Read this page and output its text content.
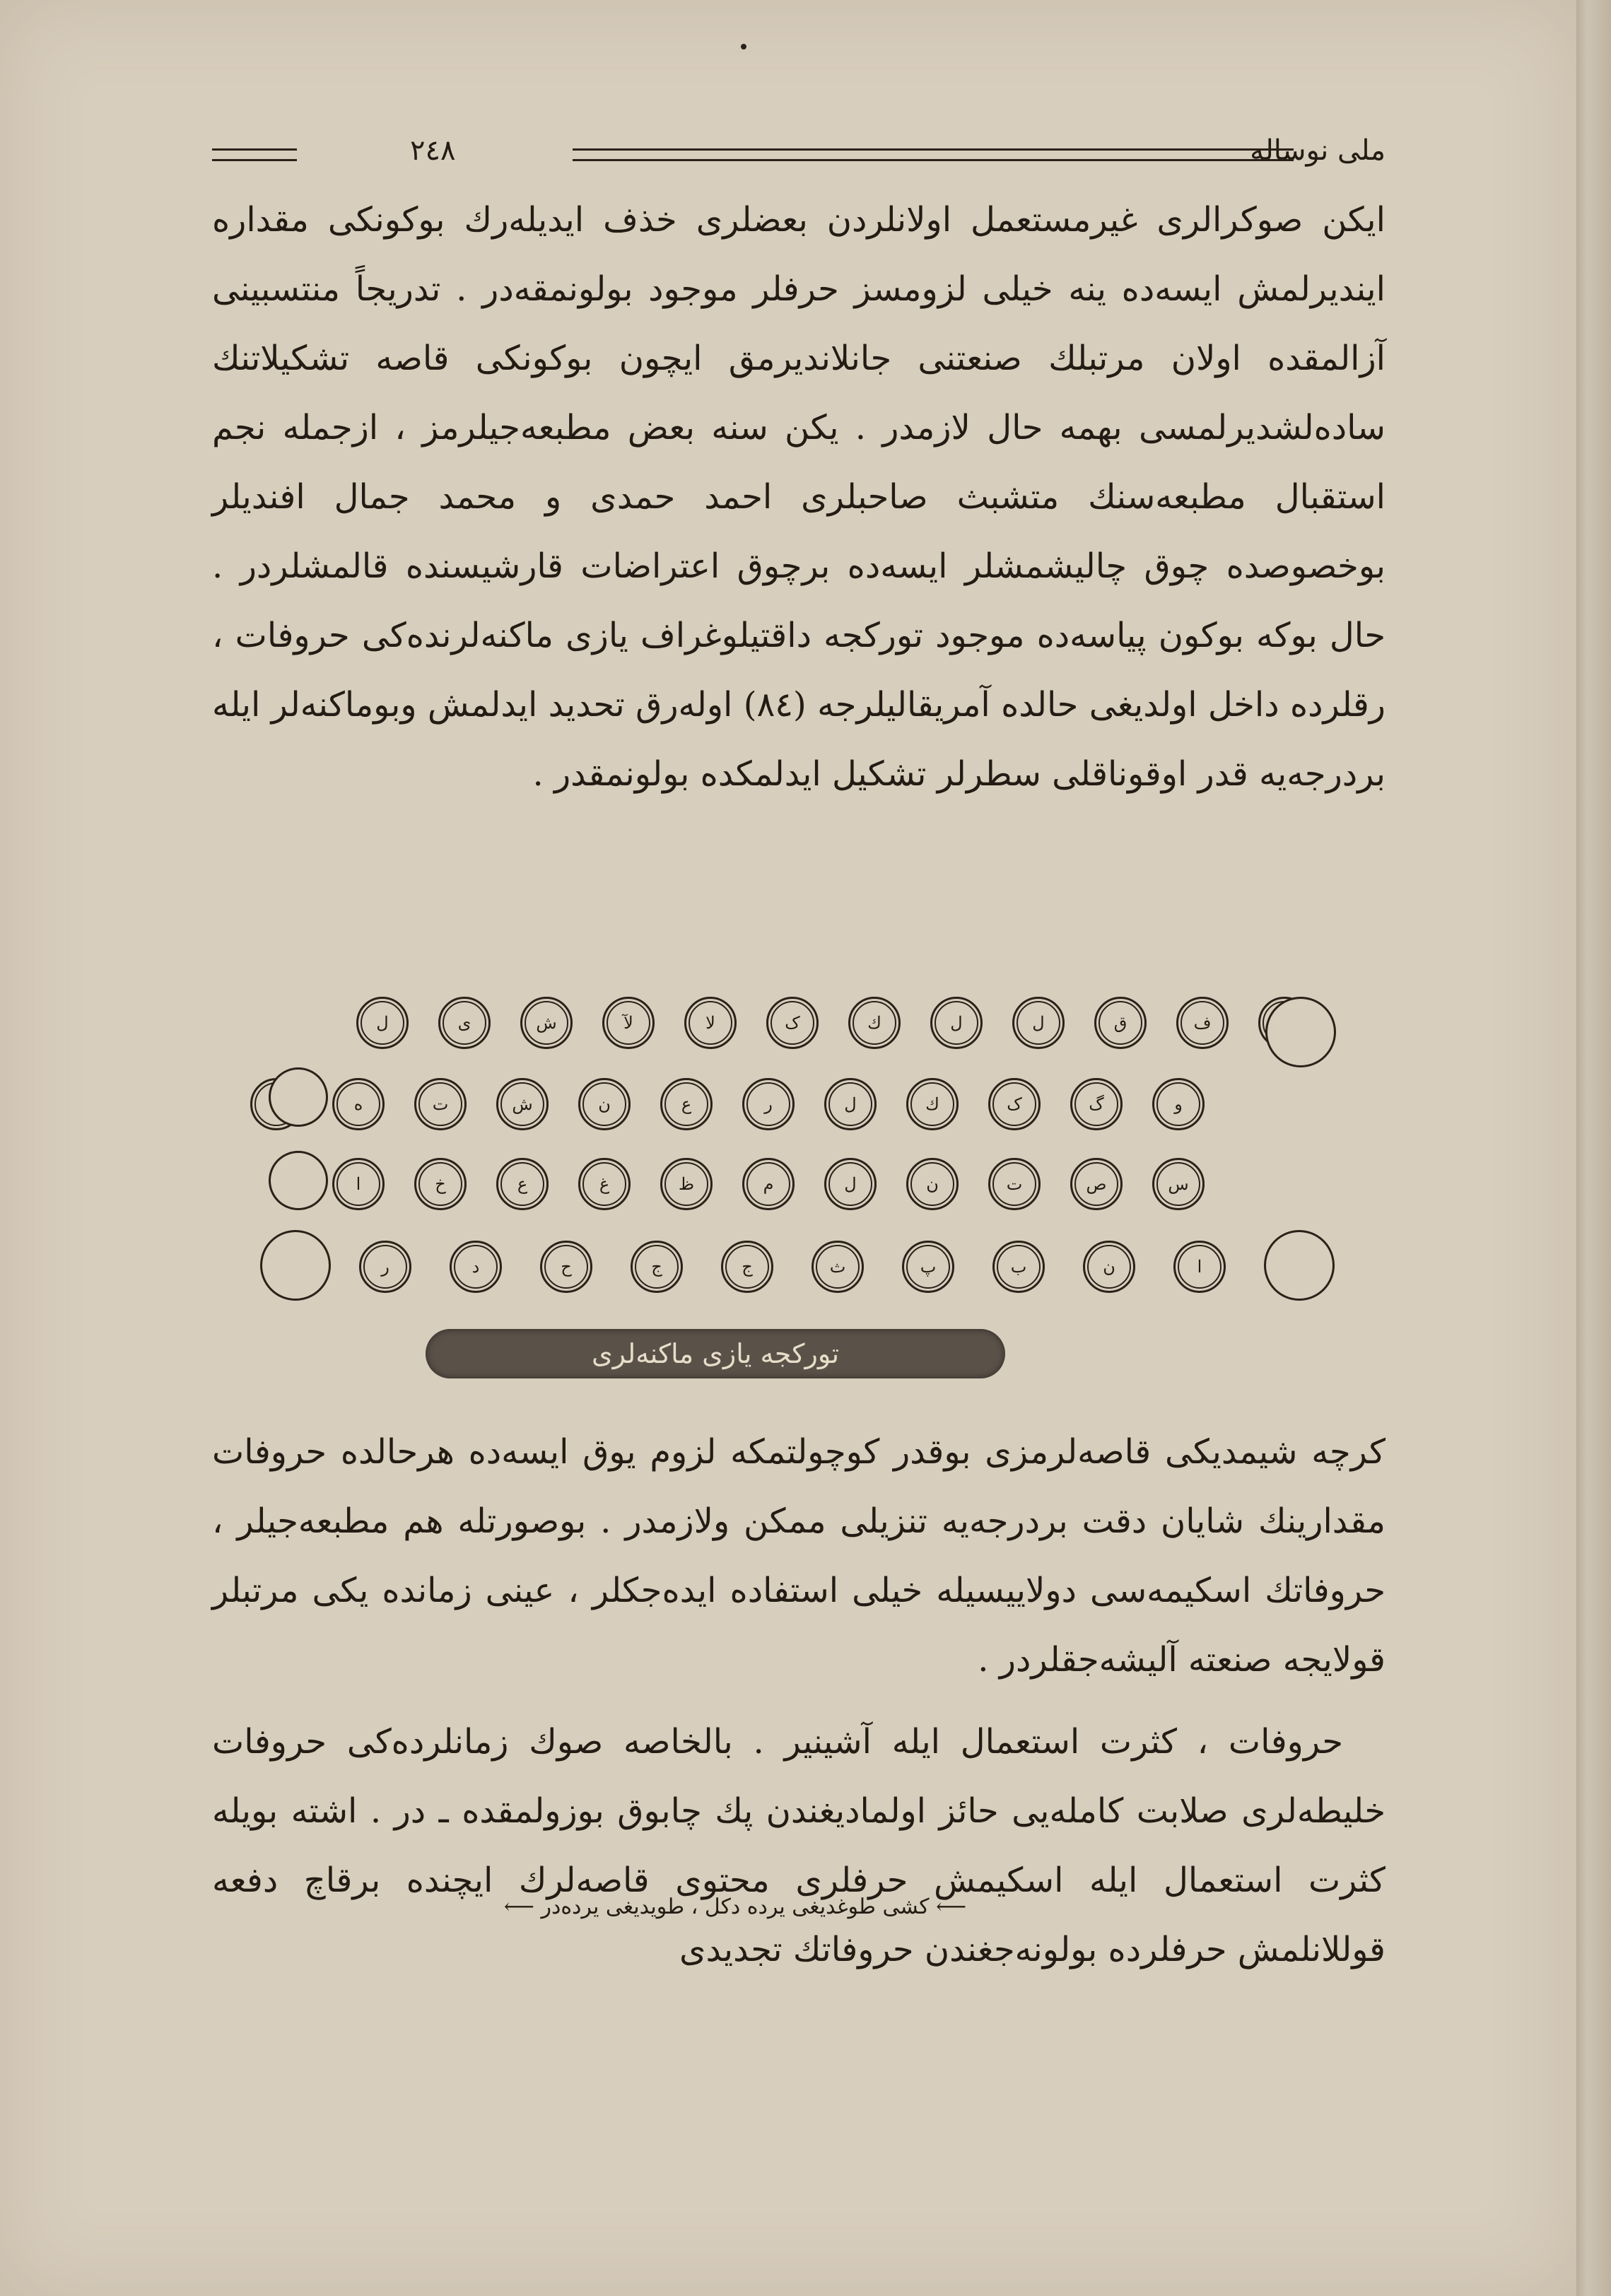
ملی نوساله
٢٤٨

ایکن صوکرالری غیرمستعمل اولانلردن بعضلری خذف ایدیلەرك بوکونکی مقداره ایندیرلمش ایسەده ینه خیلی لزومسز حرفلر موجود بولونمقەدر . تدریجاً منتسبینی آزالمقده اولان مرتبلك صنعتنی جانلاندیرمق ایچون بوکونکی قاصه تشکیلاتنك سادەلشدیرلمسی بهمه حال لازمدر . یکن سنه بعض مطبعەجیلرمز ، ازجمله نجم استقبال مطبعەسنك متشبث صاحبلری احمد حمدی و محمد جمال افندیلر بوخصوصده چوق چالیشمشلر ایسەده برچوق اعتراضات قارشیسنده قالمشلردر . حال بوکه بوکون پیاسەده موجود تورکجه داقتیلوغراف یازی ماکنەلرندەکی حروفات ، رقلرده داخل اولدیغی حالده آمریقالیلرجه (٨٤) اولەرق تحدید ایدلمش وبوماکنەلر ایله بردرجەیه قدر اوقوناقلی سطرلر تشکیل ایدلمکده بولونمقدر .

ف
ق
ل
ل
ك
ک
لا
لآ
ش
ی
ل
و
گ
ک
ك
ل
ر
ع
ن
ش
ت
ه
س
ص
ت
ن
ل
م
ظ
غ
ع
خ
ا
ا
ن
ب
پ
ث
ج
ج
ح
د
ر
تورکجه یازی ماکنەلری

کرچه شیمدیکی قاصەلرمزی بوقدر کوچولتمکه لزوم یوق ایسەده هرحالده حروفات مقدارینك شایان دقت بردرجەیه تنزیلی ممکن ولازمدر . بوصورتله هم مطبعەجیلر ، حروفاتك اسکیمەسی دولاییسیله خیلی استفاده ایدەجکلر ، عینی زمانده یکی مرتبلر قولایجه صنعته آلیشەجقلردر .

حروفات ، کثرت استعمال ایله آشینیر . بالخاصه صوك زمانلردەکی حروفات خلیطەلری صلابت کاملەیی حائز اولمادیغندن پك چابوق بوزولمقده ـ در . اشته بویله کثرت استعمال ایله اسکیمش حرفلری محتوی قاصەلرك ایچنده برقاچ دفعه قوللانلمش حرفلرده بولونەجغندن حروفاتك تجدیدی

⟵ کشی طوغدیغی یرده دکل ، طویدیغی یرده‌در ⟵
